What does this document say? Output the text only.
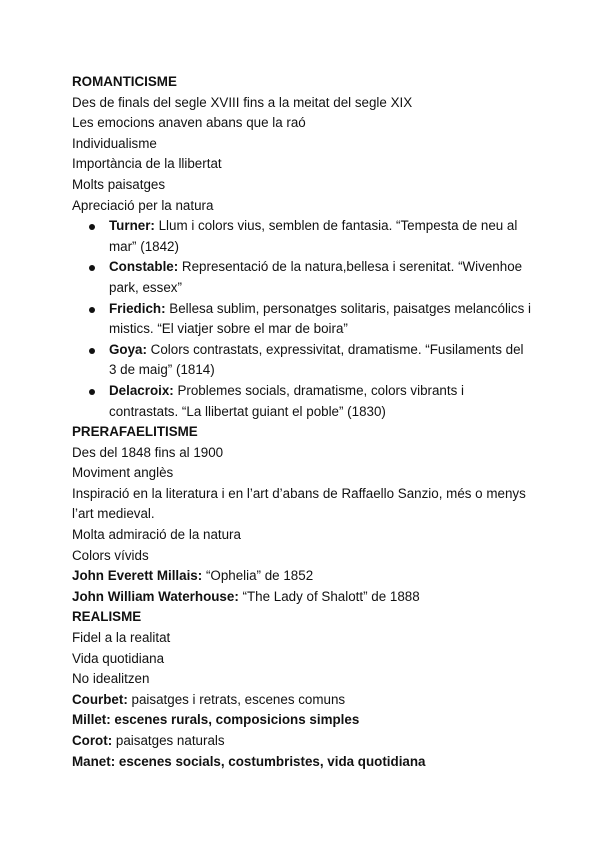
ROMANTICISME

Des de finals del segle XVIII fins a la meitat del segle XIX

Les emocions anaven abans que la raó

Individualisme

Importància de la llibertat

Molts paisatges

Apreciació per la natura

Turner: Llum i colors vius, semblen de fantasia. “Tempesta de neu al mar” (1842)
Constable: Representació de la natura,bellesa i serenitat. “Wivenhoe park, essex”
Friedich: Bellesa sublim, personatges solitaris, paisatges melancólics i mistics. “El viatjer sobre el mar de boira”
Goya: Colors contrastats, expressivitat, dramatisme. “Fusilaments del 3 de maig” (1814)
Delacroix: Problemes socials, dramatisme, colors vibrants i contrastats. “La llibertat guiant el poble” (1830)

PRERAFAELITISME

Des del 1848 fins al 1900

Moviment anglès

Inspiració en la literatura i en l’art d’abans de Raffaello Sanzio, més o menys l’art medieval.

Molta admiració de la natura

Colors vívids

John Everett Millais: “Ophelia” de 1852

John William Waterhouse: “The Lady of Shalott” de 1888

REALISME

Fidel a la realitat

Vida quotidiana

No idealitzen

Courbet: paisatges i retrats, escenes comuns

Millet: escenes rurals, composicions simples

Corot: paisatges naturals

Manet: escenes socials, costumbristes, vida quotidiana
